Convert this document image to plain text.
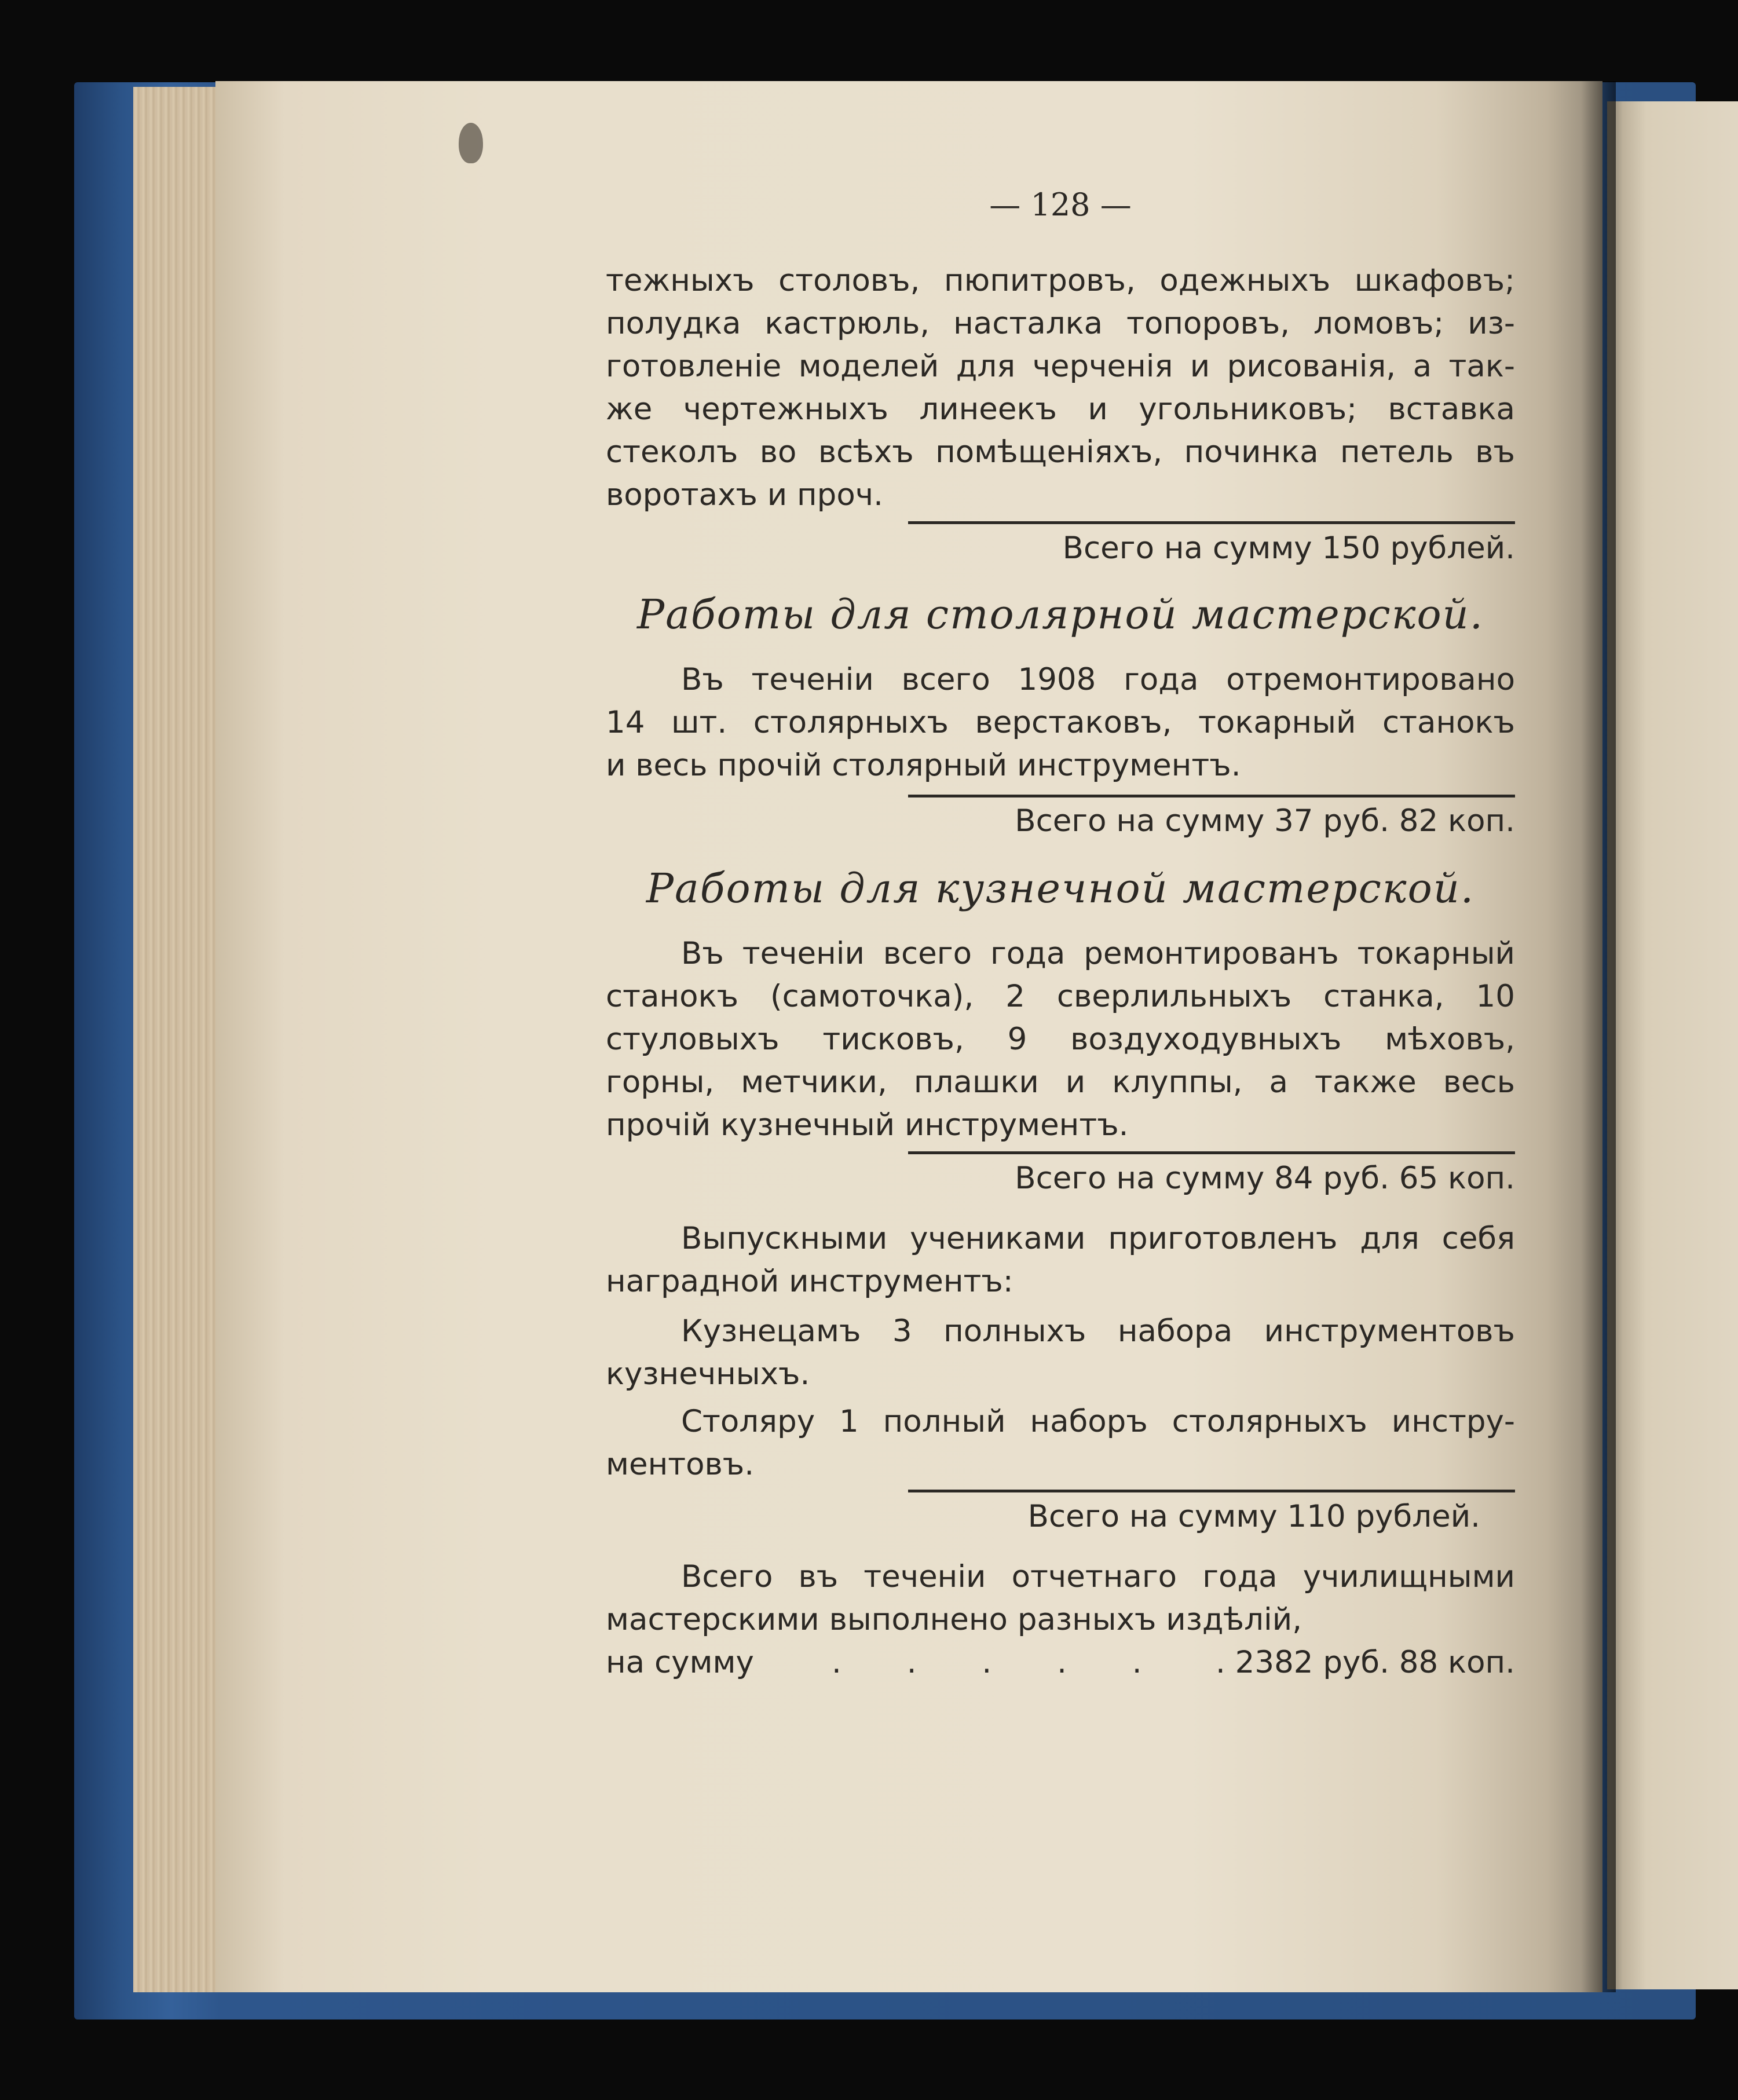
— 128 —
тежныхъ столовъ, пюпитровъ, одежныхъ шкафовъ;
полудка кастрюль, насталка топоровъ, ломовъ; из-
готовленіе моделей для черченія и рисованія, а так-
же чертежныхъ линеекъ и угольниковъ; вставка
стеколъ во всѣхъ помѣщеніяхъ, починка петель въ
воротахъ и проч.
Всего на сумму 150 рублей.
Работы для столярной мастерской.
Въ теченіи всего 1908 года отремонтировано
14 шт. столярныхъ верстаковъ, токарный станокъ
и весь прочій столярный инструментъ.
Всего на сумму 37 руб. 82 коп.
Работы для кузнечной мастерской.
Въ теченіи всего года ремонтированъ токарный
станокъ (самоточка), 2 сверлильныхъ станка, 10
стуловыхъ тисковъ, 9 воздуходувныхъ мѣховъ,
горны, метчики, плашки и клуппы, а также весь
прочій кузнечный инструментъ.
Всего на сумму 84 руб. 65 коп.
Выпускными учениками приготовленъ для себя
наградной инструментъ:
Кузнецамъ 3 полныхъ набора инструментовъ
кузнечныхъ.
Столяру 1 полный наборъ столярныхъ инстру-
ментовъ.
Всего на сумму 110 рублей.
Всего въ теченіи отчетнаго года училищными
мастерскими выполнено разныхъ издѣлій,
на сумму	. . . . . . 2382 руб. 88 коп.
